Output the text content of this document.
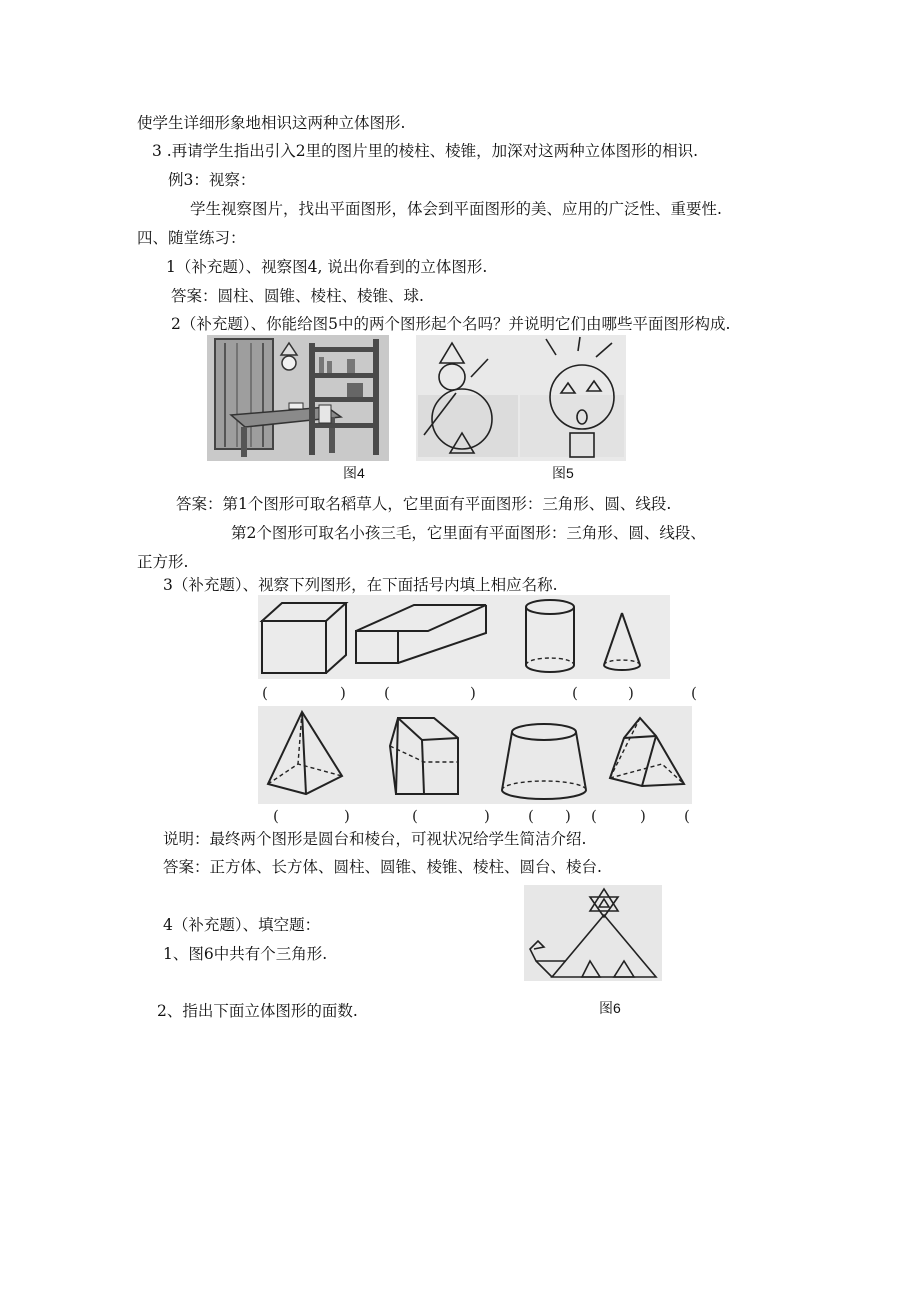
使学生详细形象地相识这两种立体图形.
3 .再请学生指出引入2里的图片里的棱柱、棱锥，加深对这两种立体图形的相识.
例3：视察：
学生视察图片，找出平面图形，体会到平面图形的美、应用的广泛性、重要性.
四、随堂练习：
1（补充题）、视察图4, 说出你看到的立体图形.
答案：圆柱、圆锥、棱柱、棱锥、球.
2（补充题）、你能给图5中的两个图形起个名吗？并说明它们由哪些平面图形构成.
图4	图5
答案：第1个图形可取名稻草人，它里面有平面图形：三角形、圆、线段.
第2个图形可取名小孩三毛，它里面有平面图形：三角形、圆、线段、
正方形.
3（补充题）、视察下列图形，在下面括号内填上相应名称.
(	)	(	)	(	)	(
(	)	(	)	( ) (	)	(
说明：最终两个图形是圆台和棱台，可视状况给学生简洁介绍.
答案：正方体、长方体、圆柱、圆锥、棱锥、棱柱、圆台、棱台.
4（补充题）、填空题：
1、图6中共有个三角形.
2、指出下面立体图形的面数.	图6
